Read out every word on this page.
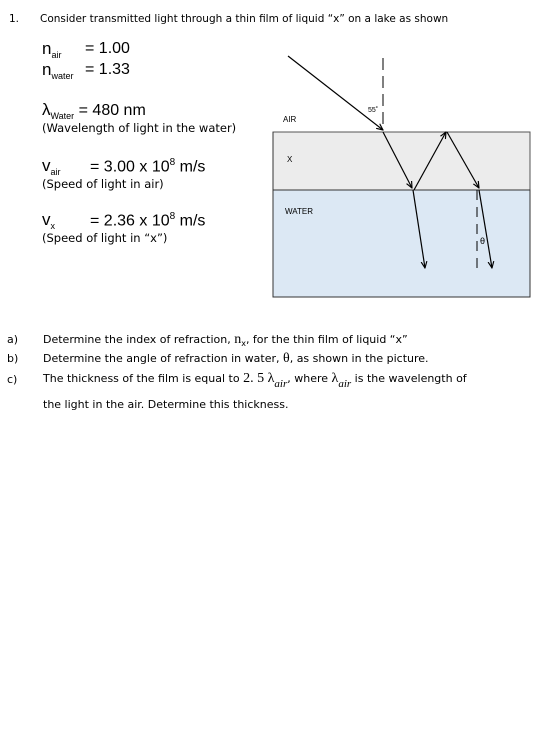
1. Consider transmitted light through a thin film of liquid “x” on a lake as shown
$n_{air} = 1.00$
$n_{water} = 1.33$
$\lambda_{Water} = 480$ nm
(Wavelength of light in the water)
$v_{air} = 3.00$ x $10^8$ m/s
(Speed of light in air)
$v_x = 2.36$ x $10^8$ m/s
(Speed of light in “x”)
AIR
X
WATER
55˚
θ
a) Determine the index of refraction, $n_x$, for the thin film of liquid “x”
b) Determine the angle of refraction in water, θ, as shown in the picture.
c) The thickness of the film is equal to 2. 5 λair, where λair is the wavelength of
the light in the air. Determine this thickness.
